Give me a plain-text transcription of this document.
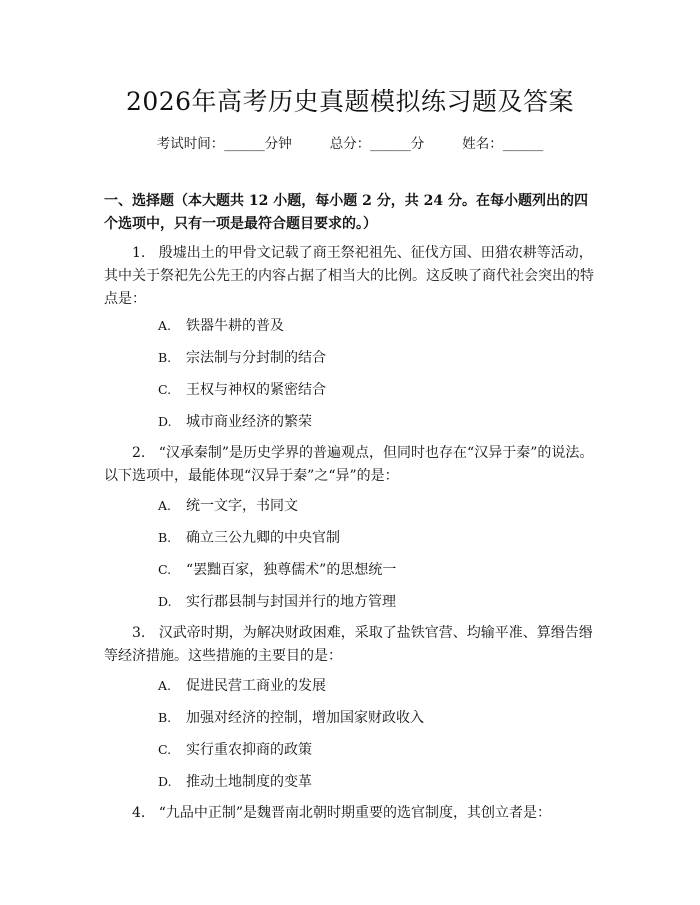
2026年高考历史真题模拟练习题及答案
考试时间：______分钟	总分：______分	姓名：______
一、选择题（本大题共 12 小题，每小题 2 分，共 24 分。在每小题列出的四个选项中，只有一项是最符合题目要求的。）
1. 殷墟出土的甲骨文记载了商王祭祀祖先、征伐方国、田猎农耕等活动，其中关于祭祀先公先王的内容占据了相当大的比例。这反映了商代社会突出的特点是：
A. 铁器牛耕的普及
B. 宗法制与分封制的结合
C. 王权与神权的紧密结合
D. 城市商业经济的繁荣
2. “汉承秦制”是历史学界的普遍观点，但同时也存在“汉异于秦”的说法。以下选项中，最能体现“汉异于秦”之“异”的是：
A. 统一文字，书同文
B. 确立三公九卿的中央官制
C. “罢黜百家，独尊儒术”的思想统一
D. 实行郡县制与封国并行的地方管理
3. 汉武帝时期，为解决财政困难，采取了盐铁官营、均输平准、算缗告缗等经济措施。这些措施的主要目的是：
A. 促进民营工商业的发展
B. 加强对经济的控制，增加国家财政收入
C. 实行重农抑商的政策
D. 推动土地制度的变革
4. “九品中正制”是魏晋南北朝时期重要的选官制度，其创立者是：
